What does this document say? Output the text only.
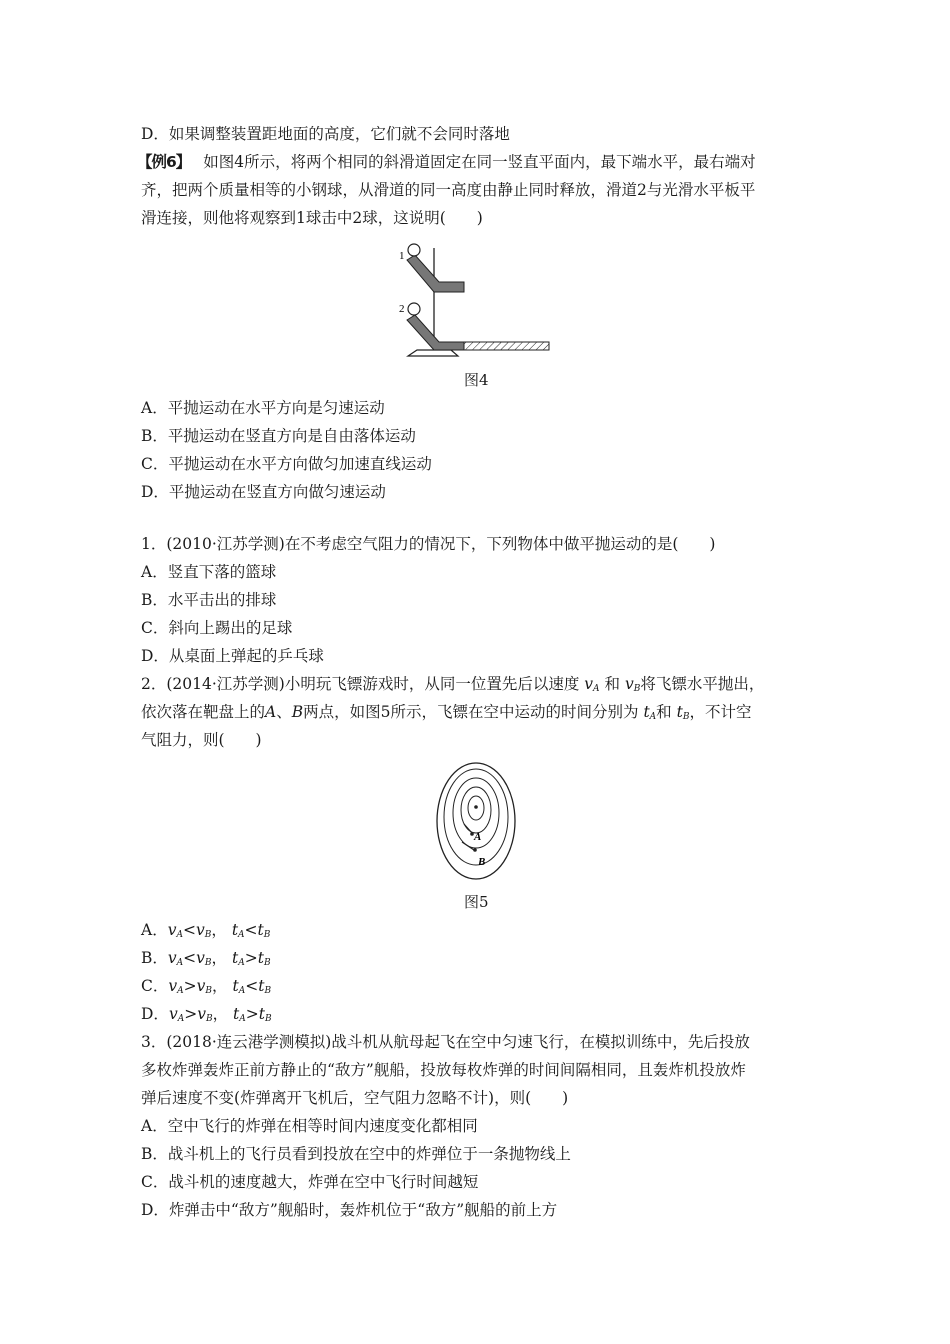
D．如果调整装置距地面的高度，它们就不会同时落地
【例6】 如图4所示，将两个相同的斜滑道固定在同一竖直平面内，最下端水平，最右端对
齐，把两个质量相等的小钢球，从滑道的同一高度由静止同时释放，滑道2与光滑水平板平
滑连接，则他将观察到1球击中2球，这说明(　　)
1
2
图4
A．平抛运动在水平方向是匀速运动
B．平抛运动在竖直方向是自由落体运动
C．平抛运动在水平方向做匀加速直线运动
D．平抛运动在竖直方向做匀速运动
1．(2010·江苏学测)在不考虑空气阻力的情况下，下列物体中做平抛运动的是(　　)
A．竖直下落的篮球
B．水平击出的排球
C．斜向上踢出的足球
D．从桌面上弹起的乒乓球
2．(2014·江苏学测)小明玩飞镖游戏时，从同一位置先后以速度 $v_A$ 和 $v_B$将飞镖水平抛出，
依次落在靶盘上的A、B两点，如图5所示，飞镖在空中运动的时间分别为 $t_A$和 $t_B$，不计空
气阻力，则(　　)
A
B
图5
A．$v_A<v_B$， $t_A<t_B$
B．$v_A<v_B$， $t_A>t_B$
C．$v_A>v_B$， $t_A<t_B$
D．$v_A>v_B$， $t_A>t_B$
3．(2018·连云港学测模拟)战斗机从航母起飞在空中匀速飞行，在模拟训练中，先后投放
多枚炸弹轰炸正前方静止的“敌方”舰船，投放每枚炸弹的时间间隔相同，且轰炸机投放炸
弹后速度不变(炸弹离开飞机后，空气阻力忽略不计)，则(　　)
A．空中飞行的炸弹在相等时间内速度变化都相同
B．战斗机上的飞行员看到投放在空中的炸弹位于一条抛物线上
C．战斗机的速度越大，炸弹在空中飞行时间越短
D．炸弹击中“敌方”舰船时，轰炸机位于“敌方”舰船的前上方
